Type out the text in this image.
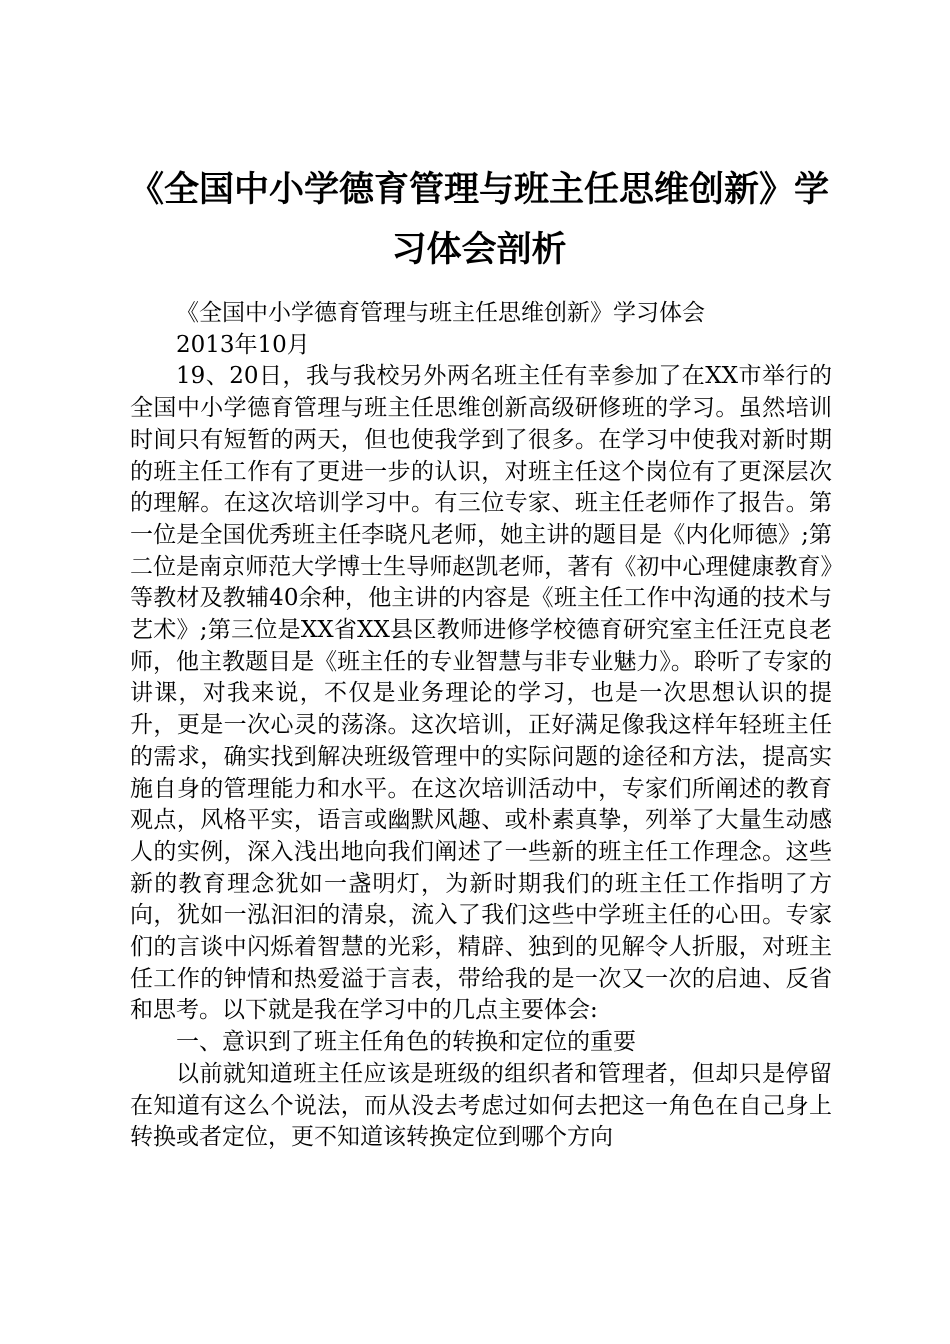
《全国中小学德育管理与班主任思维创新》学习体会剖析

《全国中小学德育管理与班主任思维创新》学习体会

2013年10月

19、20日，我与我校另外两名班主任有幸参加了在XX市举行的全国中小学德育管理与班主任思维创新高级研修班的学习。虽然培训时间只有短暂的两天，但也使我学到了很多。在学习中使我对新时期的班主任工作有了更进一步的认识，对班主任这个岗位有了更深层次的理解。在这次培训学习中。有三位专家、班主任老师作了报告。第一位是全国优秀班主任李晓凡老师，她主讲的题目是《内化师德》;第二位是南京师范大学博士生导师赵凯老师，著有《初中心理健康教育》等教材及教辅40余种，他主讲的内容是《班主任工作中沟通的技术与艺术》;第三位是XX省XX县区教师进修学校德育研究室主任汪克良老师，他主教题目是《班主任的专业智慧与非专业魅力》。聆听了专家的讲课，对我来说，不仅是业务理论的学习，也是一次思想认识的提升，更是一次心灵的荡涤。这次培训，正好满足像我这样年轻班主任的需求，确实找到解决班级管理中的实际问题的途径和方法，提高实施自身的管理能力和水平。在这次培训活动中，专家们所阐述的教育观点，风格平实，语言或幽默风趣、或朴素真挚，列举了大量生动感人的实例，深入浅出地向我们阐述了一些新的班主任工作理念。这些新的教育理念犹如一盏明灯，为新时期我们的班主任工作指明了方向，犹如一泓汩汩的清泉，流入了我们这些中学班主任的心田。专家们的言谈中闪烁着智慧的光彩，精辟、独到的见解令人折服，对班主任工作的钟情和热爱溢于言表，带给我的是一次又一次的启迪、反省和思考。以下就是我在学习中的几点主要体会:

一、意识到了班主任角色的转换和定位的重要

以前就知道班主任应该是班级的组织者和管理者，但却只是停留在知道有这么个说法，而从没去考虑过如何去把这一角色在自己身上转换或者定位，更不知道该转换定位到哪个方向
